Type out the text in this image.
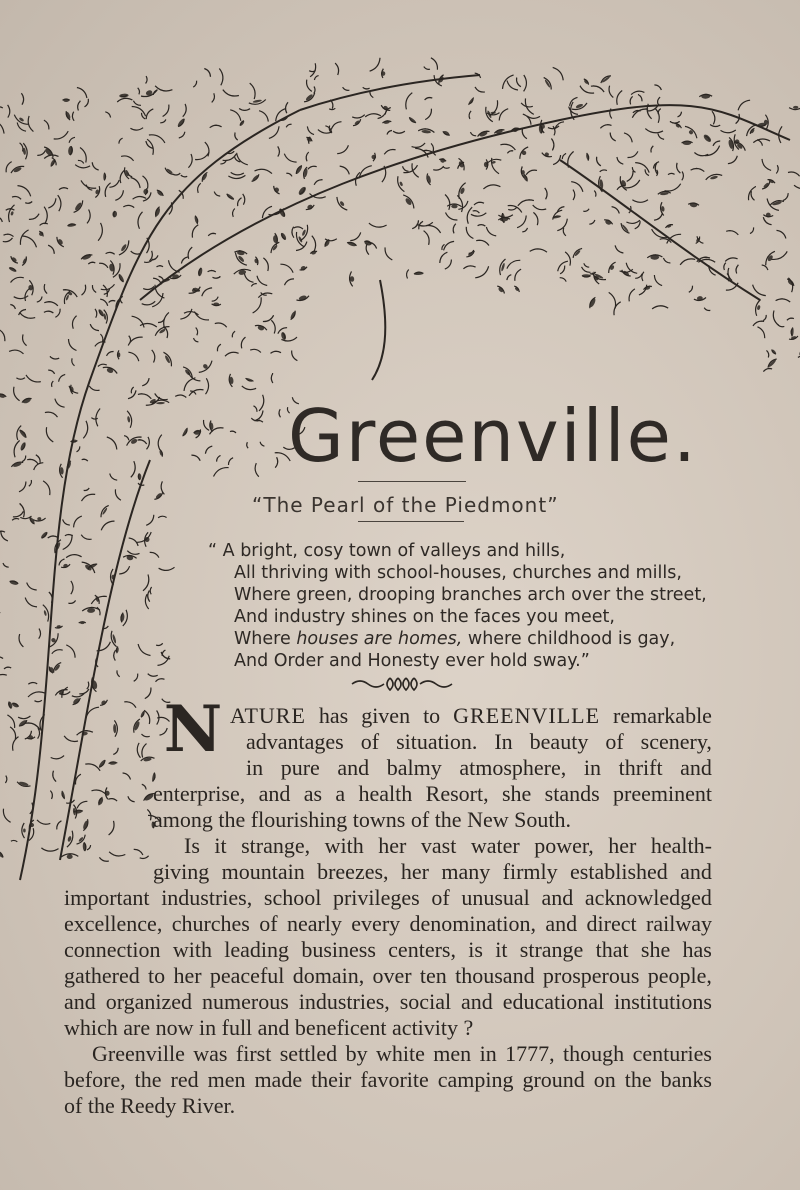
Greenville.

“The Pearl of the Piedmont”

“ A bright, cosy town of valleys and hills,
All thriving with school-houses, churches and mills,
Where green, drooping branches arch over the street,
And industry shines on the faces you meet,
Where houses are homes, where childhood is gay,
And Order and Honesty ever hold sway.”
N ATURE has given to GREENVILLE remarkable
advantages of situation. In beauty of scenery,
in pure and balmy atmosphere, in thrift and
enterprise, and as a health Resort, she stands preeminent
among the flourishing towns of the New South.
Is it strange, with her vast water power, her health-
giving mountain breezes, her many firmly established and
important industries, school privileges of unusual and acknowledged
excellence, churches of nearly every denomination, and direct railway
connection with leading business centers, is it strange that she has
gathered to her peaceful domain, over ten thousand prosperous people,
and organized numerous industries, social and educational institutions
which are now in full and beneficent activity ?
Greenville was first settled by white men in 1777, though centuries
before, the red men made their favorite camping ground on the banks
of the Reedy River.
